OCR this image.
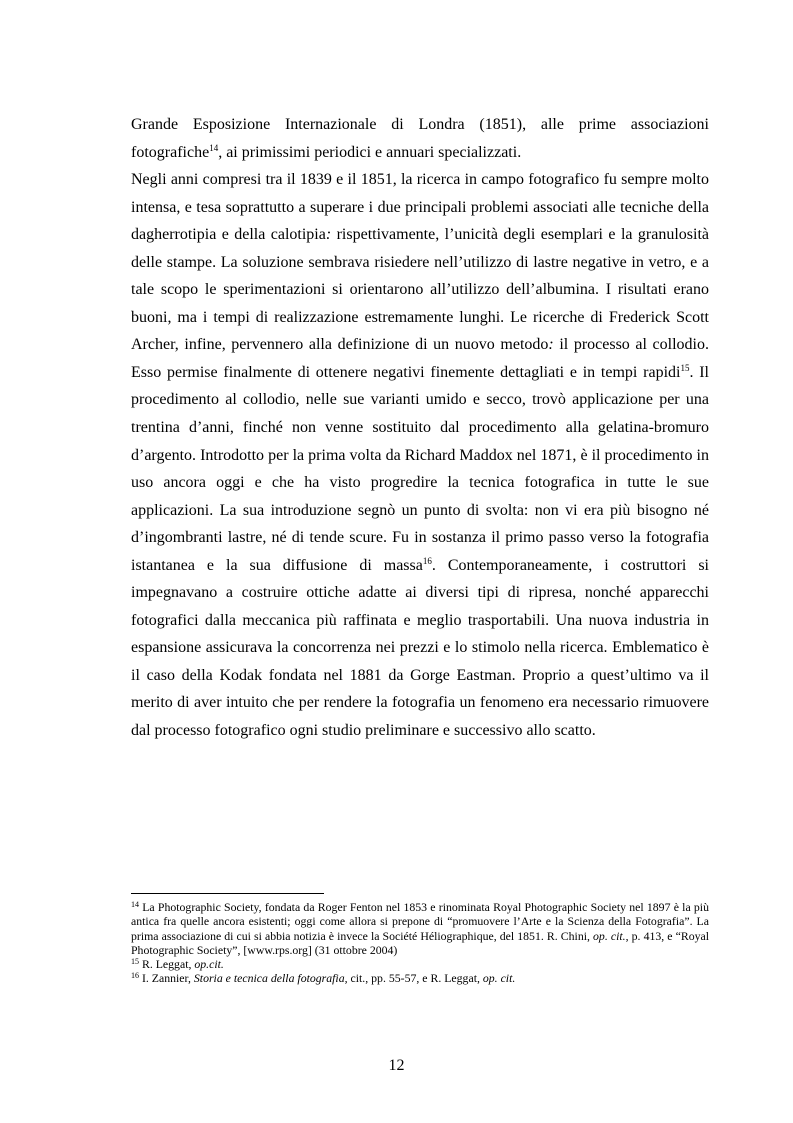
Grande Esposizione Internazionale di Londra (1851), alle prime associazioni fotografiche$^{14}$, ai primissimi periodici e annuari specializzati.

Negli anni compresi tra il 1839 e il 1851, la ricerca in campo fotografico fu sempre molto intensa, e tesa soprattutto a superare i due principali problemi associati alle tecniche della dagherrotipia e della calotipia: rispettivamente, l’unicità degli esemplari e la granulosità delle stampe. La soluzione sembrava risiedere nell’utilizzo di lastre negative in vetro, e a tale scopo le sperimentazioni si orientarono all’utilizzo dell’albumina. I risultati erano buoni, ma i tempi di realizzazione estremamente lunghi. Le ricerche di Frederick Scott Archer, infine, pervennero alla definizione di un nuovo metodo: il processo al collodio. Esso permise finalmente di ottenere negativi finemente dettagliati e in tempi rapidi$^{15}$. Il procedimento al collodio, nelle sue varianti umido e secco, trovò applicazione per una trentina d’anni, finché non venne sostituito dal procedimento alla gelatina-bromuro d’argento. Introdotto per la prima volta da Richard Maddox nel 1871, è il procedimento in uso ancora oggi e che ha visto progredire la tecnica fotografica in tutte le sue applicazioni. La sua introduzione segnò un punto di svolta: non vi era più bisogno né d’ingombranti lastre, né di tende scure. Fu in sostanza il primo passo verso la fotografia istantanea e la sua diffusione di massa$^{16}$. Contemporaneamente, i costruttori si impegnavano a costruire ottiche adatte ai diversi tipi di ripresa, nonché apparecchi fotografici dalla meccanica più raffinata e meglio trasportabili. Una nuova industria in espansione assicurava la concorrenza nei prezzi e lo stimolo nella ricerca. Emblematico è il caso della Kodak fondata nel 1881 da Gorge Eastman. Proprio a quest’ultimo va il merito di aver intuito che per rendere la fotografia un fenomeno era necessario rimuovere dal processo fotografico ogni studio preliminare e successivo allo scatto.

$^{14}$ La Photographic Society, fondata da Roger Fenton nel 1853 e rinominata Royal Photographic Society nel 1897 è la più antica fra quelle ancora esistenti; oggi come allora si prepone di “promuovere l’Arte e la Scienza della Fotografia”. La prima associazione di cui si abbia notizia è invece la Société Héliographique, del 1851. R. Chini, op. cit., p. 413, e “Royal Photographic Society”, [www.rps.org] (31 ottobre 2004)

$^{15}$ R. Leggat, op.cit.

$^{16}$ I. Zannier, Storia e tecnica della fotografia, cit., pp. 55-57, e R. Leggat, op. cit.

12
